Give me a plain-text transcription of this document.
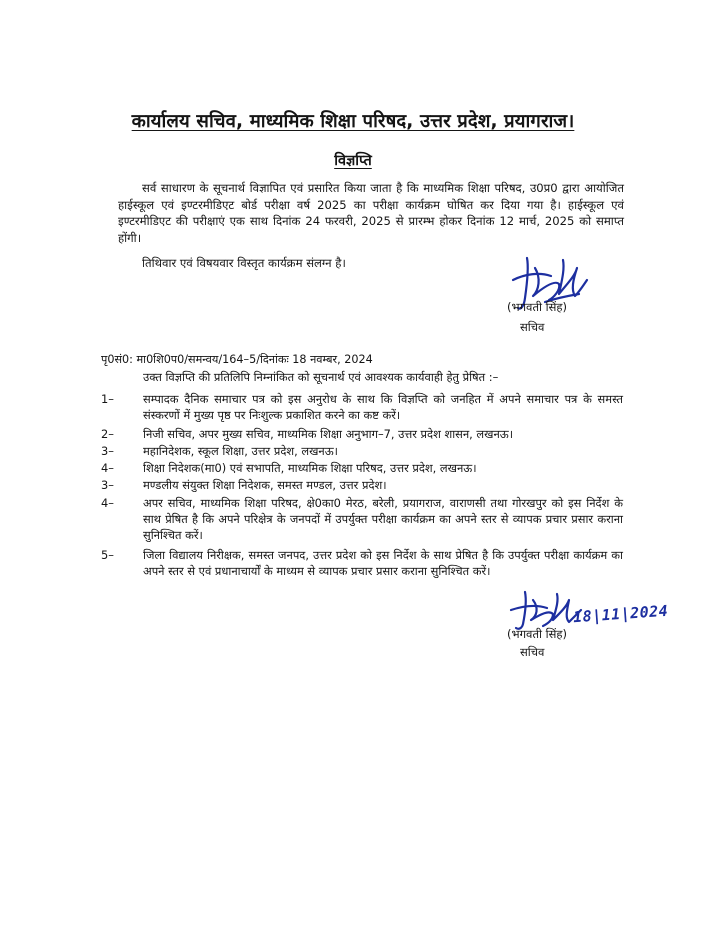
कार्यालय सचिव, माध्यमिक शिक्षा परिषद, उत्तर प्रदेश, प्रयागराज।
विज्ञप्ति
सर्व साधारण के सूचनार्थ विज्ञापित एवं प्रसारित किया जाता है कि माध्यमिक शिक्षा परिषद, उ0प्र0 द्वारा आयोजित हाईस्कूल एवं इण्टरमीडिएट बोर्ड परीक्षा वर्ष 2025 का परीक्षा कार्यक्रम घोषित कर दिया गया है। हाईस्कूल एवं इण्टरमीडिएट की परीक्षाएं एक साथ दिनांक 24 फरवरी, 2025 से प्रारम्भ होकर दिनांक 12 मार्च, 2025 को समाप्त होंगी।
तिथिवार एवं विषयवार विस्तृत कार्यक्रम संलग्न है।
(भगवती सिंह)
सचिव
पृ0सं0: मा0शि0प0/समन्वय/164–5/दिनांकः 18 नवम्बर, 2024
उक्त विज्ञप्ति की प्रतिलिपि निम्नांकित को सूचनार्थ एवं आवश्यक कार्यवाही हेतु प्रेषित :–
1–	सम्पादक दैनिक समाचार पत्र को इस अनुरोध के साथ कि विज्ञप्ति को जनहित में अपने समाचार पत्र के समस्त संस्करणों में मुख्य पृष्ठ पर निःशुल्क प्रकाशित करने का कष्ट करें।
2–	निजी सचिव, अपर मुख्य सचिव, माध्यमिक शिक्षा अनुभाग–7, उत्तर प्रदेश शासन, लखनऊ।
3–	महानिदेशक, स्कूल शिक्षा, उत्तर प्रदेश, लखनऊ।
4–	शिक्षा निदेशक(मा0) एवं सभापति, माध्यमिक शिक्षा परिषद, उत्तर प्रदेश, लखनऊ।
3–	मण्डलीय संयुक्त शिक्षा निदेशक, समस्त मण्डल, उत्तर प्रदेश।
4–	अपर सचिव, माध्यमिक शिक्षा परिषद, क्षे0का0 मेरठ, बरेली, प्रयागराज, वाराणसी तथा गोरखपुर को इस निर्देश के साथ प्रेषित है कि अपने परिक्षेत्र के जनपदों में उपर्युक्त परीक्षा कार्यक्रम का अपने स्तर से व्यापक प्रचार प्रसार कराना सुनिश्चित करें।
5–	जिला विद्यालय निरीक्षक, समस्त जनपद, उत्तर प्रदेश को इस निर्देश के साथ प्रेषित है कि उपर्युक्त परीक्षा कार्यक्रम का अपने स्तर से एवं प्रधानाचार्यों के माध्यम से व्यापक प्रचार प्रसार कराना सुनिश्चित करें।
18|11|2024
(भगवती सिंह)
सचिव
